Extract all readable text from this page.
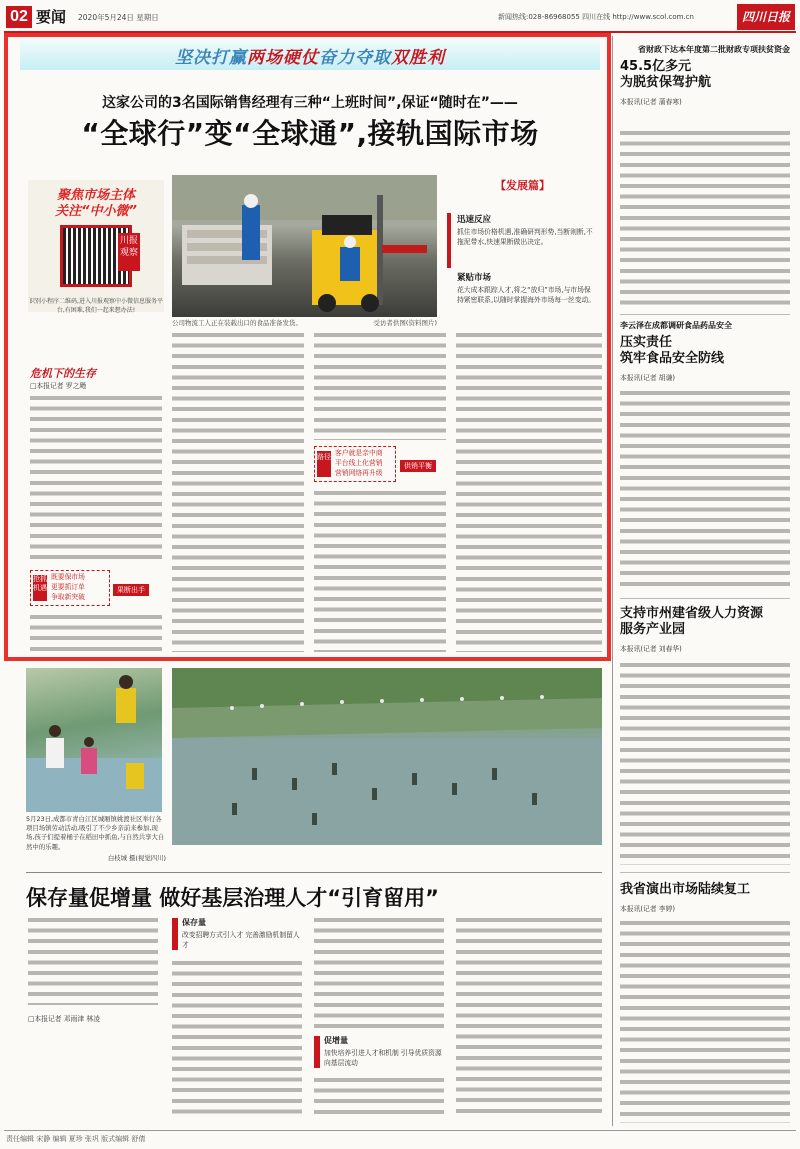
02 要闻 2020年5月24日 星期日	新闻热线:028-86968055 四川在线 http://www.scol.com.cn	四川日报
坚决打赢 两场硬仗 奋力夺取 双胜利
这家公司的3名国际销售经理有三种“上班时间”,保证“随时在”——
“全球行”变“全球通”,接轨国际市场
聚焦市场主体
关注“中小微”
川报观察
识别小程序二维码,进入川报观察中小微信息服务平台,有困难,我们一起来想办法!
公司物流工人正在装载出口的食品准备发货。	受访者供图(资料图片)
【发展篇】
迅速反应
抓住市场价格机遇,准确研判形势,当断则断,不拖泥带水,快速果断做出决定。
紧贴市场
花大成本跟踪人才,将之“放归”市场,与市场保持紧密联系,以随时掌握海外市场每一丝变动。
危机下的生存
□本报记者 罗之飏
抢抓机遇
既要保市场
更要抓订单
争取新突破
果断出手
路径 客户就是亲中商
平台线上化营销
营销网络再升级
供销平衡
5月23日,成都市青白江区城厢镇姚渡社区举行各项目场镇劳动活动,吸引了不少乡亲前来参加,现场,孩子们提着桶子在稻田中抓鱼,与自然共享大自然中的乐趣。
白枝城 摄(视觉四川)
保存量促增量 做好基层治理人才“引育留用”
□本报记者 邓雨津 林凌
保存量
改变招聘方式引入才 完善激励机制留人才
促增量
加快培养引进人才和机制 引导优质资源向基层流动
省财政下达本年度第二批财政专项扶贫资金
45.5亿多元
为脱贫保驾护航
本报讯(记者 蒲春寒)
李云泽在成都调研食品药品安全
压实责任
筑牢食品安全防线
本报讯(记者 胡谦)
支持市州建省级人力资源
服务产业园
本报讯(记者 刘春华)
我省演出市场陆续复工
本报讯(记者 李婷)
责任编辑 宋静 编辑 夏珍 张巩 版式编辑 舒倩
